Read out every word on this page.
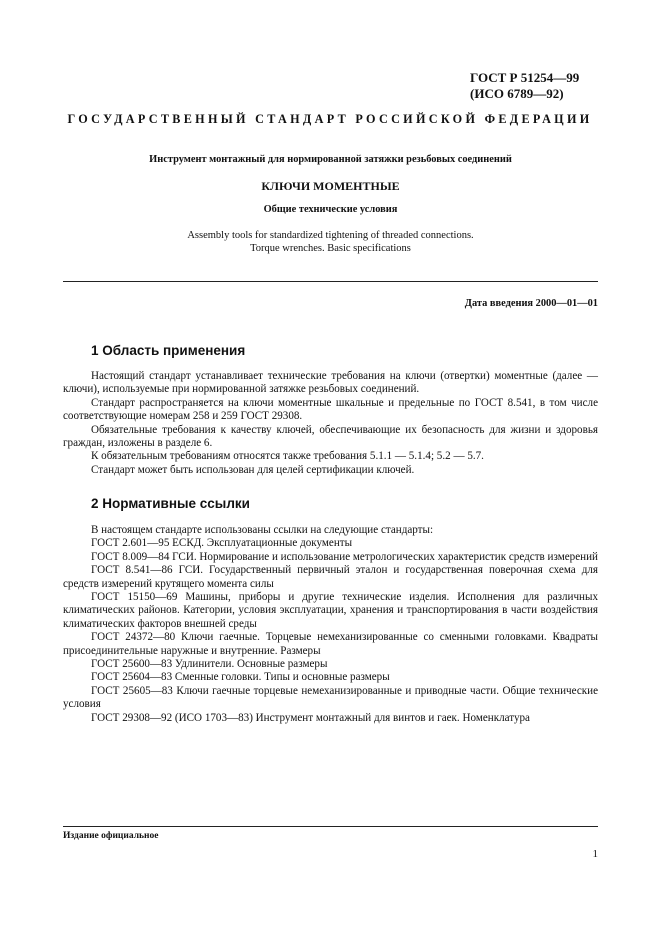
ГОСТ Р 51254—99
(ИСО 6789—92)
ГОСУДАРСТВЕННЫЙ СТАНДАРТ РОССИЙСКОЙ ФЕДЕРАЦИИ
Инструмент монтажный для нормированной затяжки резьбовых соединений
КЛЮЧИ МОМЕНТНЫЕ
Общие технические условия
Assembly tools for standardized tightening of threaded connections.
Torque wrenches. Basic specifications
Дата введения 2000—01—01
1 Область применения

Настоящий стандарт устанавливает технические требования на ключи (отвертки) моментные (далее — ключи), используемые при нормированной затяжке резьбовых соединений.

Стандарт распространяется на ключи моментные шкальные и предельные по ГОСТ 8.541, в том числе соответствующие номерам 258 и 259 ГОСТ 29308.

Обязательные требования к качеству ключей, обеспечивающие их безопасность для жизни и здоровья граждан, изложены в разделе 6.

К обязательным требованиям относятся также требования 5.1.1 — 5.1.4; 5.2 — 5.7.

Стандарт может быть использован для целей сертификации ключей.

2 Нормативные ссылки

В настоящем стандарте использованы ссылки на следующие стандарты:

ГОСТ 2.601—95 ЕСКД. Эксплуатационные документы

ГОСТ 8.009—84 ГСИ. Нормирование и использование метрологических характеристик средств измерений

ГОСТ 8.541—86 ГСИ. Государственный первичный эталон и государственная поверочная схема для средств измерений крутящего момента силы

ГОСТ 15150—69 Машины, приборы и другие технические изделия. Исполнения для различных климатических районов. Категории, условия эксплуатации, хранения и транспортирования в части воздействия климатических факторов внешней среды

ГОСТ 24372—80 Ключи гаечные. Торцевые немеханизированные со сменными головками. Квадраты присоединительные наружные и внутренние. Размеры

ГОСТ 25600—83 Удлинители. Основные размеры

ГОСТ 25604—83 Сменные головки. Типы и основные размеры

ГОСТ 25605—83 Ключи гаечные торцевые немеханизированные и приводные части. Общие технические условия

ГОСТ 29308—92 (ИСО 1703—83) Инструмент монтажный для винтов и гаек. Номенклатура

Издание официальное
1
